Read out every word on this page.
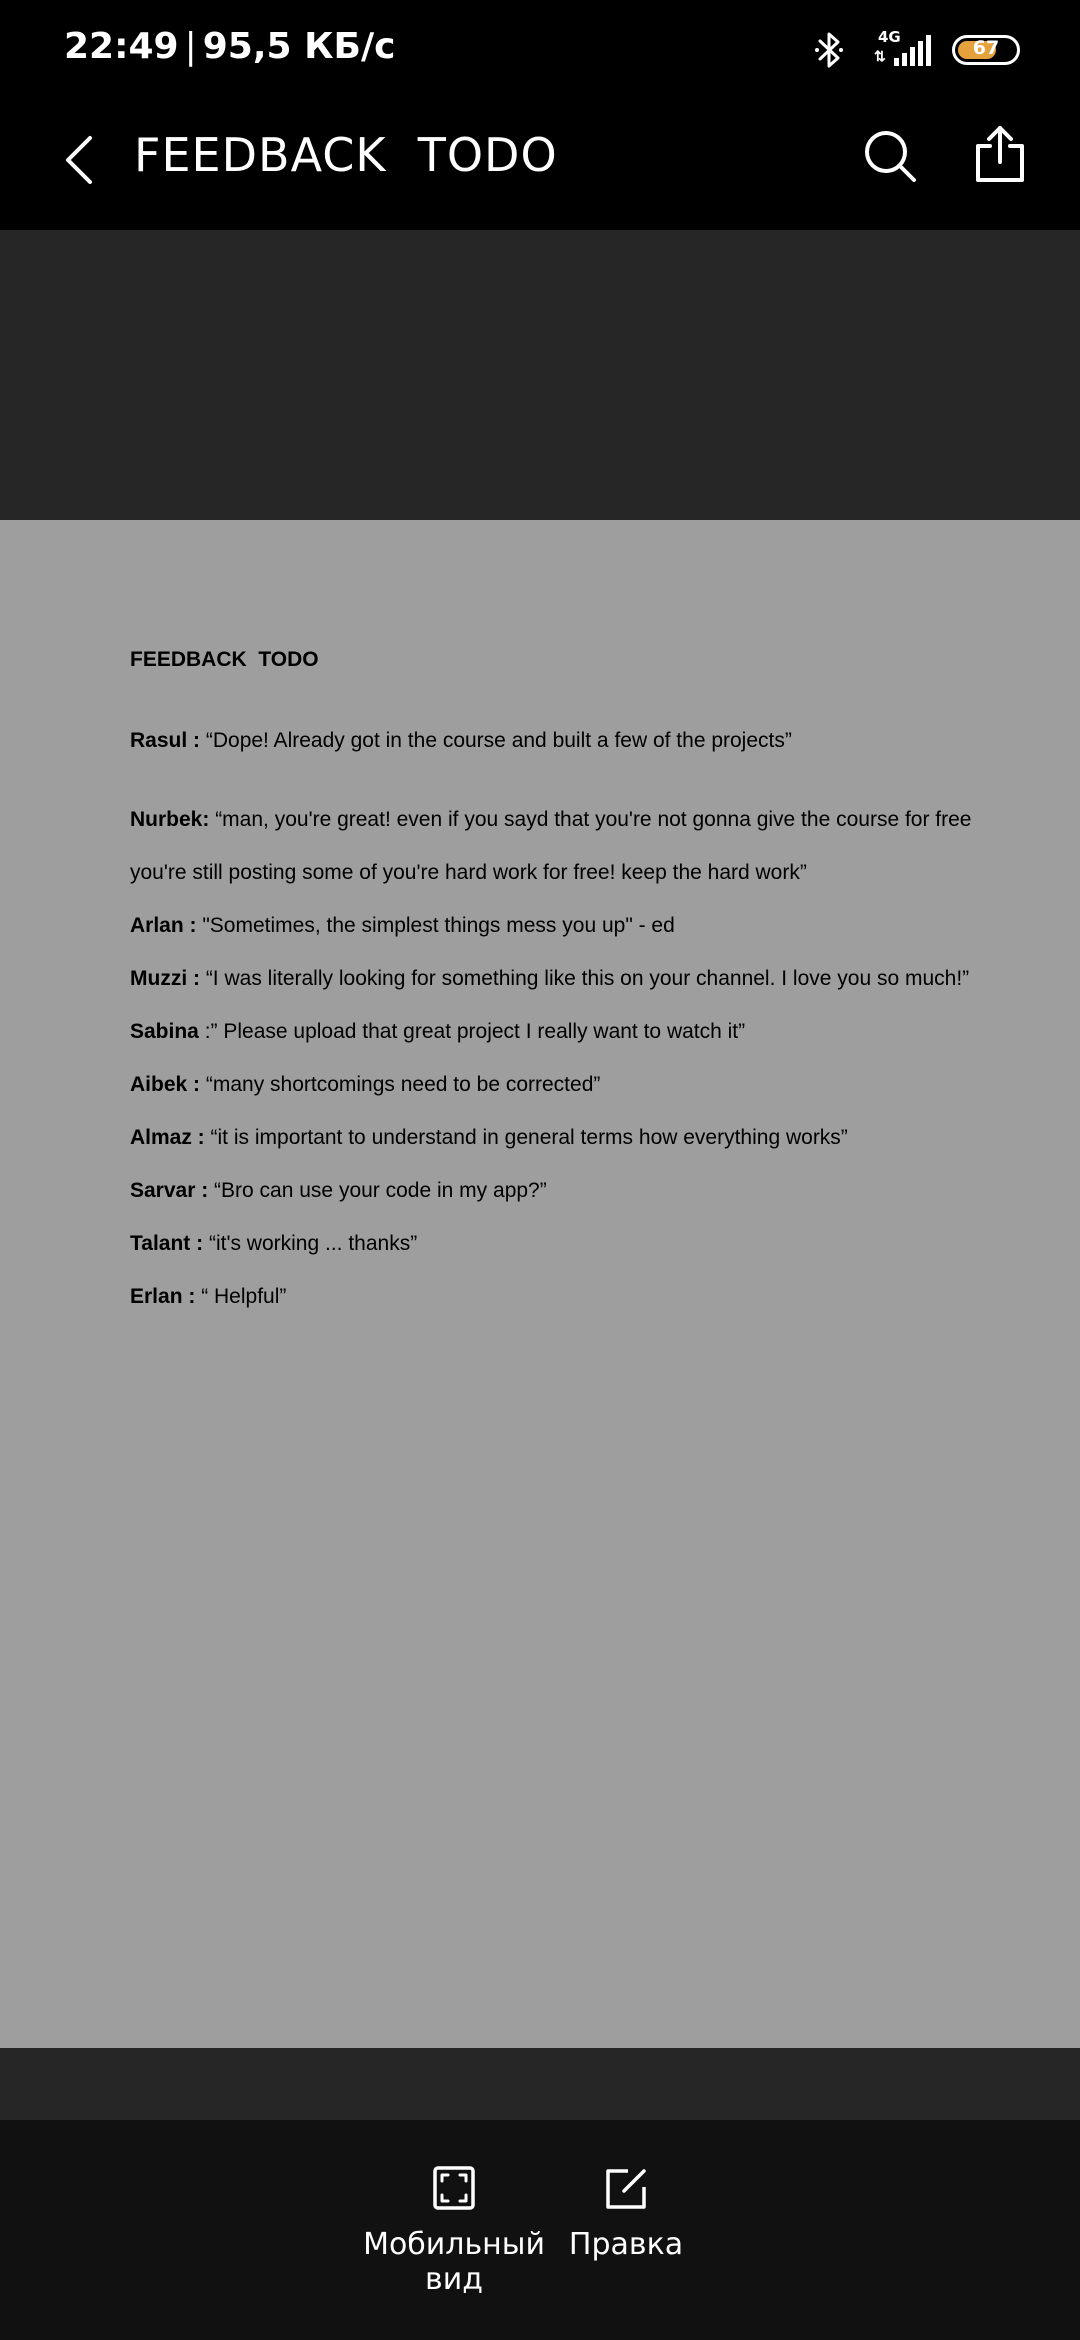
22:49 | 95,5 КБ/с	4G
⇅	67
FEEDBACK  TODO
FEEDBACK  TODO
Rasul : “Dope! Already got in the course and built a few of the projects”
Nurbek: “man, you're great! even if you sayd that you're not gonna give the course for free
you're still posting some of you're hard work for free! keep the hard work”
Arlan : "Sometimes, the simplest things mess you up" - ed
Muzzi : “I was literally looking for something like this on your channel. I love you so much!”
Sabina :” Please upload that great project I really want to watch it”
Aibek : “many shortcomings need to be corrected”
Almaz : “it is important to understand in general terms how everything works”
Sarvar : “Bro can use your code in my app?”
Talant : “it's working ... thanks”
Erlan : “ Helpful”
Мобильный
вид
Правка
